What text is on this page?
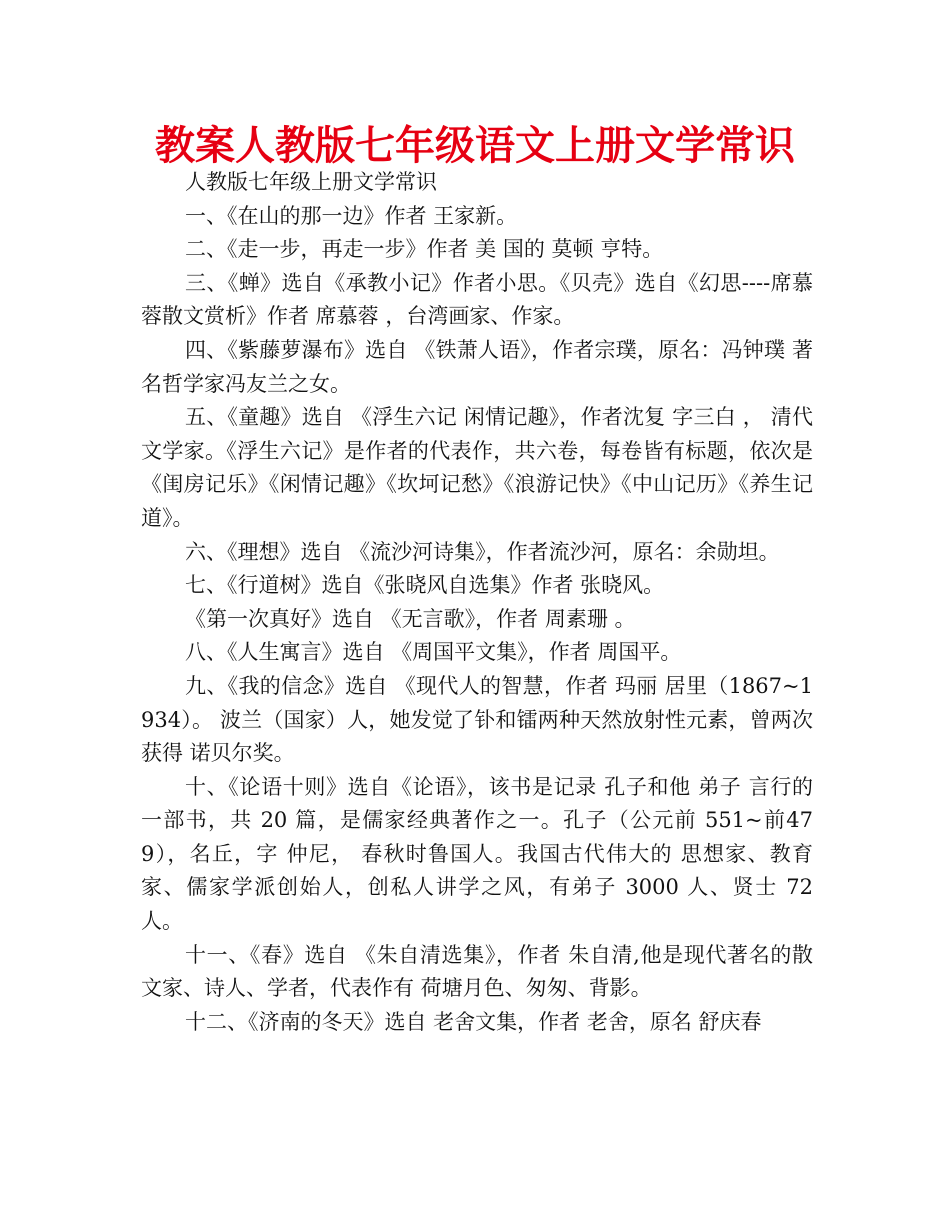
教案人教版七年级语文上册文学常识

人教版七年级上册文学常识

一、《在山的那一边》作者 王家新。

二、《走一步，再走一步》作者 美 国的 莫顿 亨特。

三、《蝉》选自《承教小记》作者小思。《贝壳》选自《幻思----席慕蓉散文赏析》作者 席慕蓉 ，台湾画家、作家。

四、《紫藤萝瀑布》选自 《铁萧人语》，作者宗璞，原名：冯钟璞 著名哲学家冯友兰之女。

五、《童趣》选自 《浮生六记 闲情记趣》，作者沈复 字三白 ， 清代文学家。《浮生六记》是作者的代表作，共六卷，每卷皆有标题，依次是《闺房记乐》《闲情记趣》《坎坷记愁》《浪游记快》《中山记历》《养生记道》。

六、《理想》选自 《流沙河诗集》，作者流沙河，原名：余勋坦。

七、《行道树》选自《张晓风自选集》作者 张晓风。

《第一次真好》选自 《无言歌》，作者 周素珊 。

八、《人生寓言》选自 《周国平文集》，作者 周国平。

九、《我的信念》选自 《现代人的智慧，作者 玛丽 居里（1867~1934）。 波兰（国家）人，她发觉了钋和镭两种天然放射性元素，曾两次获得 诺贝尔奖。

十、《论语十则》选自《论语》，该书是记录 孔子和他 弟子 言行的一部书，共 20 篇，是儒家经典著作之一。孔子（公元前 551~前479），名丘，字 仲尼， 春秋时鲁国人。我国古代伟大的 思想家、教育家、儒家学派创始人，创私人讲学之风，有弟子 3000 人、贤士 72 人。

十一、《春》选自 《朱自清选集》，作者 朱自清,他是现代著名的散文家、诗人、学者，代表作有 荷塘月色、匆匆、背影。

十二、《济南的冬天》选自 老舍文集，作者 老舍，原名 舒庆春
